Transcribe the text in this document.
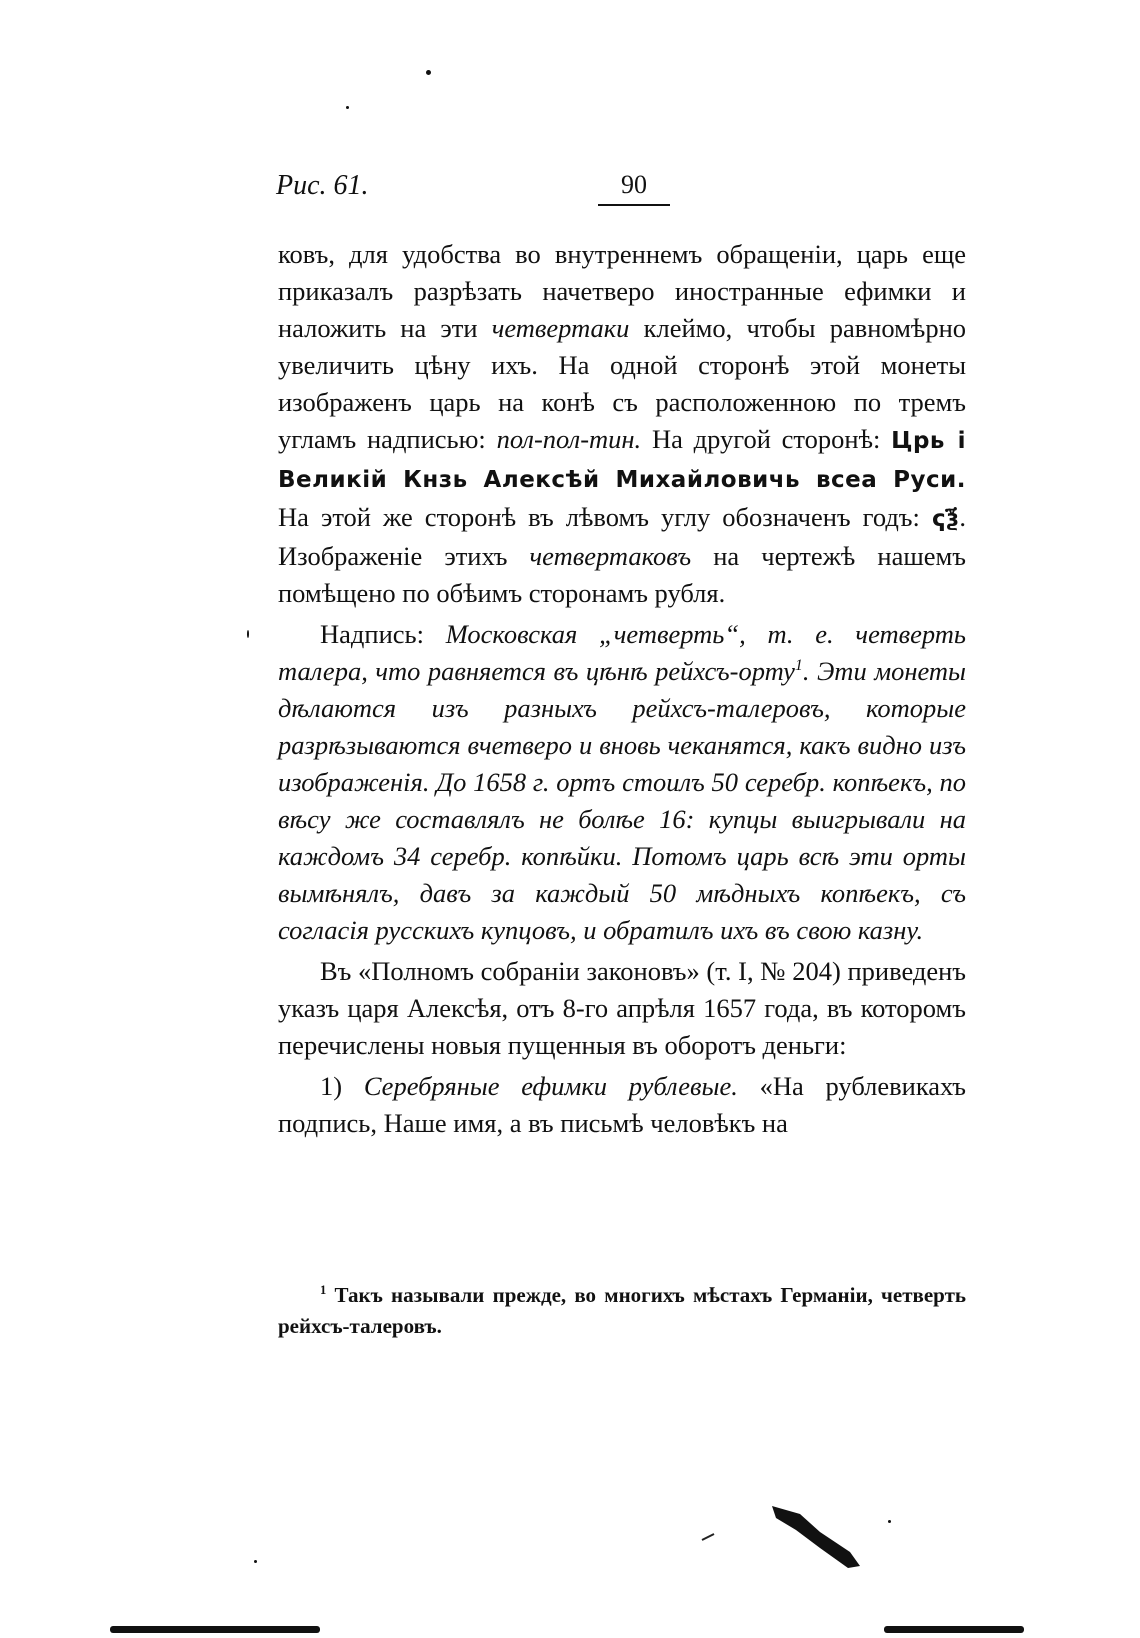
Рис. 61.	90

ковъ, для удобства во внутреннемъ обращеніи, царь еще приказалъ разрѣзать начетверо иностранные ефимки и наложить на эти четвертаки клеймо, чтобы равномѣрно увеличить цѣну ихъ. На одной сторонѣ этой монеты изображенъ царь на конѣ съ расположенною по тремъ угламъ надписью: пол-пол-тин. На другой сторонѣ: Црь і Великій Кнзь Алексѣй Михайловичь всеа Руси. На этой же сторонѣ въ лѣвомъ углу обозначенъ годъ: ҁѯ҃. Изображеніе этихъ четвертаковъ на чертежѣ нашемъ помѣщено по обѣимъ сторонамъ рубля.

Надпись: Московская „четверть“, т. е. четверть талера, что равняется въ цѣнѣ рейхсъ-орту$^1$. Эти монеты дѣлаются изъ разныхъ рейхсъ-талеровъ, которые разрѣзываются вчетверо и вновь чеканятся, какъ видно изъ изображенія. До 1658 г. ортъ стоилъ 50 серебр. копѣекъ, по вѣсу же составлялъ не болѣе 16: купцы выигрывали на каждомъ 34 серебр. копѣйки. Потомъ царь всѣ эти орты вымѣнялъ, давъ за каждый 50 мѣдныхъ копѣекъ, съ согласія русскихъ купцовъ, и обратилъ ихъ въ свою казну.

Въ «Полномъ собраніи законовъ» (т. I, № 204) приведенъ указъ царя Алексѣя, отъ 8-го апрѣля 1657 года, въ которомъ перечислены новыя пущенныя въ оборотъ деньги:

1) Серебряные ефимки рублевые. «На рублевикахъ подпись, Наше имя, а въ письмѣ человѣкъ на

$^1$ Такъ называли прежде, во многихъ мѣстахъ Германіи, четверть рейхсъ-талеровъ.
